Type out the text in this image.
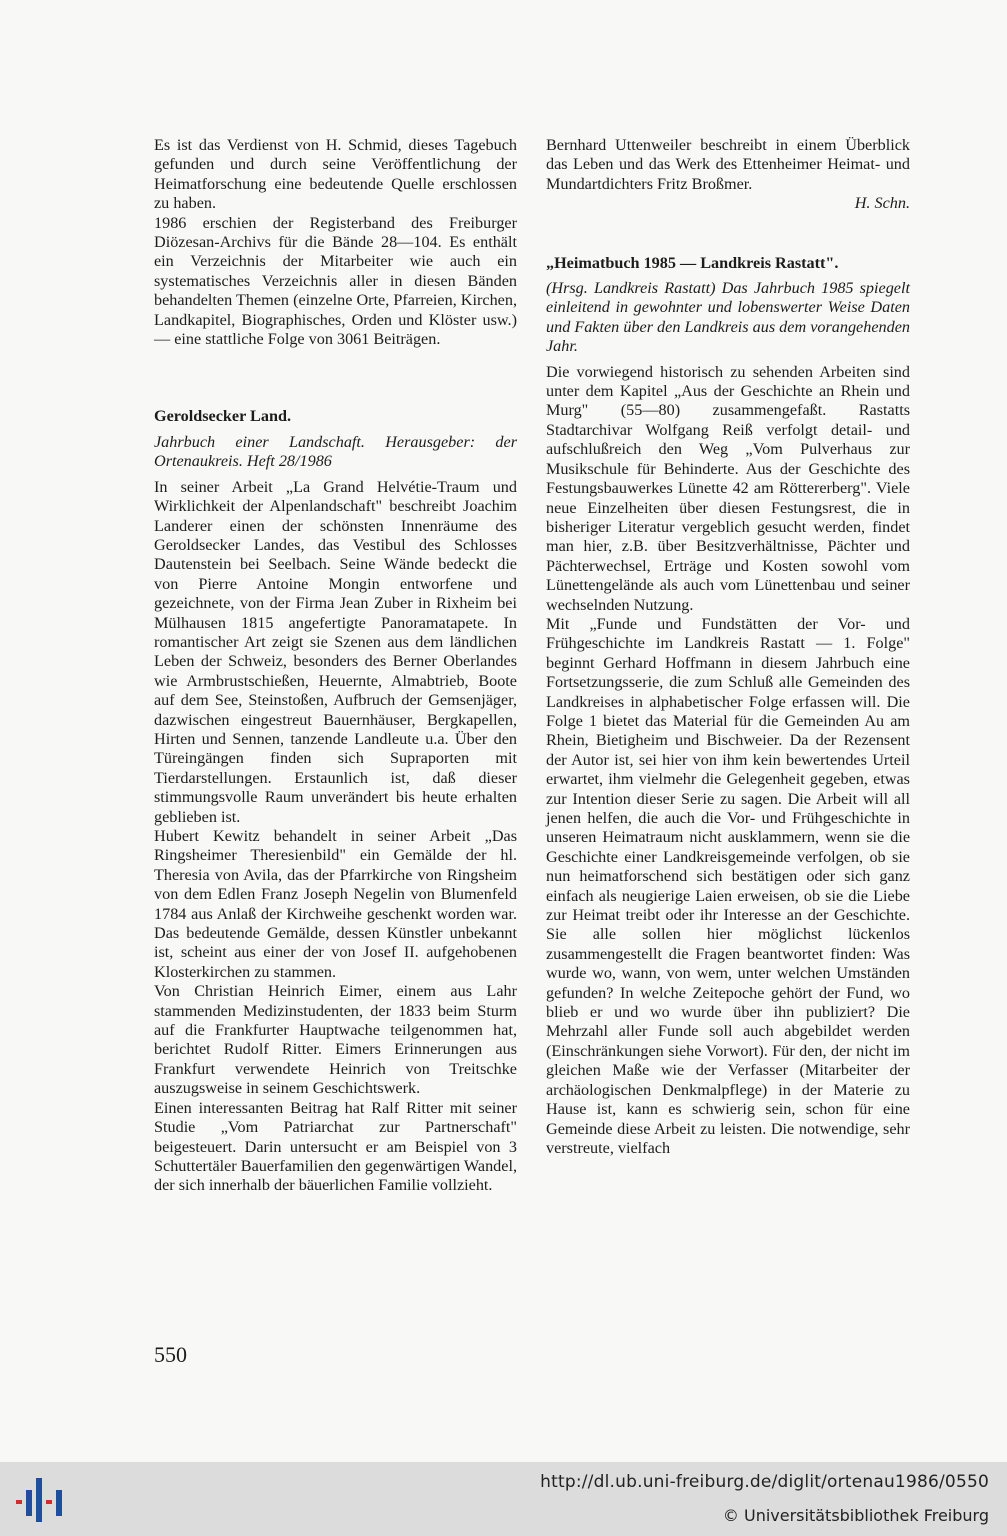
Es ist das Verdienst von H. Schmid, dieses Tagebuch gefunden und durch seine Veröffentlichung der Heimatforschung eine bedeutende Quelle erschlossen zu haben.

1986 erschien der Registerband des Freiburger Diözesan-Archivs für die Bände 28—104. Es enthält ein Verzeichnis der Mitarbeiter wie auch ein systematisches Verzeichnis aller in diesen Bänden behandelten Themen (einzelne Orte, Pfarreien, Kirchen, Landkapitel, Biographisches, Orden und Klöster usw.) — eine stattliche Folge von 3061 Beiträgen.

Geroldsecker Land.

Jahrbuch einer Landschaft. Herausgeber: der Ortenaukreis. Heft 28/1986

In seiner Arbeit „La Grand Helvétie-Traum und Wirklichkeit der Alpenlandschaft" beschreibt Joachim Landerer einen der schönsten Innenräume des Geroldsecker Landes, das Vestibul des Schlosses Dautenstein bei Seelbach. Seine Wände bedeckt die von Pierre Antoine Mongin entworfene und gezeichnete, von der Firma Jean Zuber in Rixheim bei Mülhausen 1815 angefertigte Panoramatapete. In romantischer Art zeigt sie Szenen aus dem ländlichen Leben der Schweiz, besonders des Berner Oberlandes wie Armbrustschießen, Heuernte, Almabtrieb, Boote auf dem See, Steinstoßen, Aufbruch der Gemsenjäger, dazwischen eingestreut Bauernhäuser, Bergkapellen, Hirten und Sennen, tanzende Landleute u.a. Über den Türeingängen finden sich Supraporten mit Tierdarstellungen. Erstaunlich ist, daß dieser stimmungsvolle Raum unverändert bis heute erhalten geblieben ist.

Hubert Kewitz behandelt in seiner Arbeit „Das Ringsheimer Theresienbild" ein Gemälde der hl. Theresia von Avila, das der Pfarrkirche von Ringsheim von dem Edlen Franz Joseph Negelin von Blumenfeld 1784 aus Anlaß der Kirchweihe geschenkt worden war. Das bedeutende Gemälde, dessen Künstler unbekannt ist, scheint aus einer der von Josef II. aufgehobenen Klosterkirchen zu stammen.

Von Christian Heinrich Eimer, einem aus Lahr stammenden Medizinstudenten, der 1833 beim Sturm auf die Frankfurter Hauptwache teilgenommen hat, berichtet Rudolf Ritter. Eimers Erinnerungen aus Frankfurt verwendete Heinrich von Treitschke auszugsweise in seinem Geschichtswerk.

Einen interessanten Beitrag hat Ralf Ritter mit seiner Studie „Vom Patriarchat zur Partnerschaft" beigesteuert. Darin untersucht er am Beispiel von 3 Schuttertäler Bauerfamilien den gegenwärtigen Wandel, der sich innerhalb der bäuerlichen Familie vollzieht.

Bernhard Uttenweiler beschreibt in einem Überblick das Leben und das Werk des Ettenheimer Heimat- und Mundartdichters Fritz Broßmer.

H. Schn.

„Heimatbuch 1985 — Landkreis Rastatt".

(Hrsg. Landkreis Rastatt) Das Jahrbuch 1985 spiegelt einleitend in gewohnter und lobenswerter Weise Daten und Fakten über den Landkreis aus dem vorangehenden Jahr.

Die vorwiegend historisch zu sehenden Arbeiten sind unter dem Kapitel „Aus der Geschichte an Rhein und Murg" (55—80) zusammengefaßt. Rastatts Stadtarchivar Wolfgang Reiß verfolgt detail- und aufschlußreich den Weg „Vom Pulverhaus zur Musikschule für Behinderte. Aus der Geschichte des Festungsbauwerkes Lünette 42 am Röttererberg". Viele neue Einzelheiten über diesen Festungsrest, die in bisheriger Literatur vergeblich gesucht werden, findet man hier, z.B. über Besitzverhältnisse, Pächter und Pächterwechsel, Erträge und Kosten sowohl vom Lünettengelände als auch vom Lünettenbau und seiner wechselnden Nutzung.

Mit „Funde und Fundstätten der Vor- und Frühgeschichte im Landkreis Rastatt — 1. Folge" beginnt Gerhard Hoffmann in diesem Jahrbuch eine Fortsetzungsserie, die zum Schluß alle Gemeinden des Landkreises in alphabetischer Folge erfassen will. Die Folge 1 bietet das Material für die Gemeinden Au am Rhein, Bietigheim und Bischweier. Da der Rezensent der Autor ist, sei hier von ihm kein bewertendes Urteil erwartet, ihm vielmehr die Gelegenheit gegeben, etwas zur Intention dieser Serie zu sagen. Die Arbeit will all jenen helfen, die auch die Vor- und Frühgeschichte in unseren Heimatraum nicht ausklammern, wenn sie die Geschichte einer Landkreisgemeinde verfolgen, ob sie nun heimatforschend sich bestätigen oder sich ganz einfach als neugierige Laien erweisen, ob sie die Liebe zur Heimat treibt oder ihr Interesse an der Geschichte. Sie alle sollen hier möglichst lückenlos zusammengestellt die Fragen beantwortet finden: Was wurde wo, wann, von wem, unter welchen Umständen gefunden? In welche Zeitepoche gehört der Fund, wo blieb er und wo wurde über ihn publiziert? Die Mehrzahl aller Funde soll auch abgebildet werden (Einschränkungen siehe Vorwort). Für den, der nicht im gleichen Maße wie der Verfasser (Mitarbeiter der archäologischen Denkmalpflege) in der Materie zu Hause ist, kann es schwierig sein, schon für eine Gemeinde diese Arbeit zu leisten. Die notwendige, sehr verstreute, vielfach

550
http://dl.ub.uni-freiburg.de/diglit/ortenau1986/0550
© Universitätsbibliothek Freiburg
